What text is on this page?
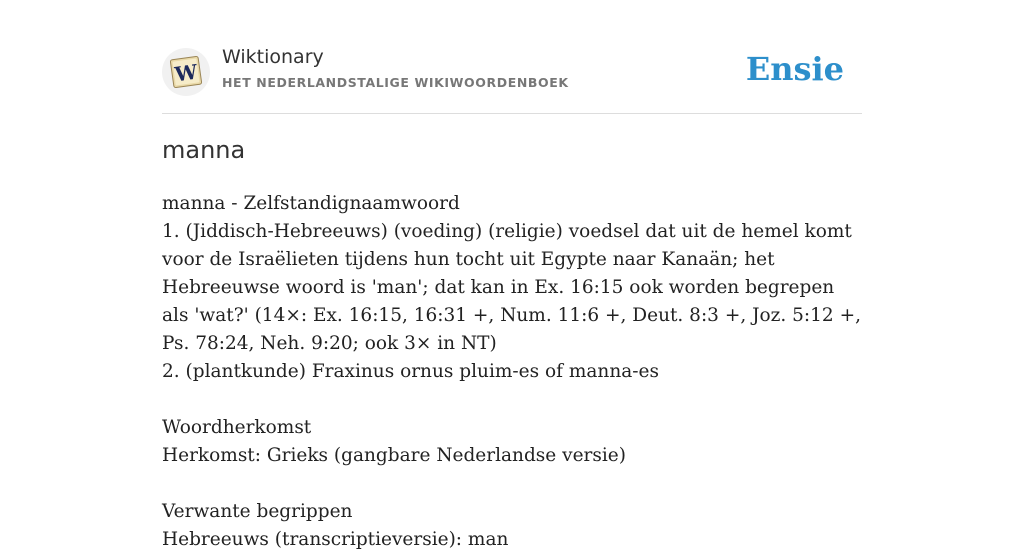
W
Wiktionary
HET NEDERLANDSTALIGE WIKIWOORDENBOEK	Ensie
manna

manna - Zelfstandignaamwoord

1. (Jiddisch-Hebreeuws) (voeding) (religie) voedsel dat uit de hemel komt voor de Israëlieten tijdens hun tocht uit Egypte naar Kanaän; het Hebreeuwse woord is 'man'; dat kan in Ex. 16:15 ook worden begrepen als 'wat?' (14×: Ex. 16:15, 16:31 +, Num. 11:6 +, Deut. 8:3 +, Joz. 5:12 +, Ps. 78:24, Neh. 9:20; ook 3× in NT)

2. (plantkunde) Fraxinus ornus pluim-es of manna-es

Woordherkomst

Herkomst: Grieks (gangbare Nederlandse versie)

Verwante begrippen

Hebreeuws (transcriptieversie): man
